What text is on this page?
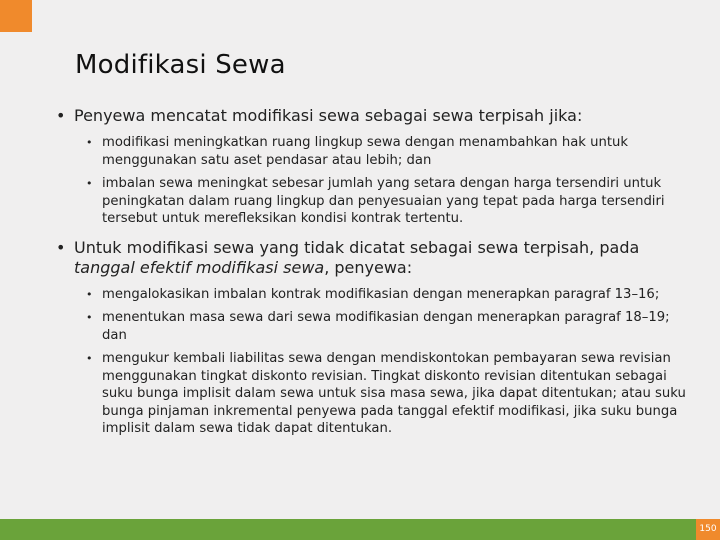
Modifikasi Sewa
• Penyewa mencatat modifikasi sewa sebagai sewa terpisah jika:
• modifikasi meningkatkan ruang lingkup sewa dengan menambahkan hak untuk menggunakan satu aset pendasar atau lebih; dan
• imbalan sewa meningkat sebesar jumlah yang setara dengan harga tersendiri untuk peningkatan dalam ruang lingkup dan penyesuaian yang tepat pada harga tersendiri tersebut untuk merefleksikan kondisi kontrak tertentu.
• Untuk modifikasi sewa yang tidak dicatat sebagai sewa terpisah, pada tanggal efektif modifikasi sewa, penyewa:
• mengalokasikan imbalan kontrak modifikasian dengan menerapkan paragraf 13–16;
• menentukan masa sewa dari sewa modifikasian dengan menerapkan paragraf 18–19; dan
• mengukur kembali liabilitas sewa dengan mendiskontokan pembayaran sewa revisian menggunakan tingkat diskonto revisian. Tingkat diskonto revisian ditentukan sebagai suku bunga implisit dalam sewa untuk sisa masa sewa, jika dapat ditentukan; atau suku bunga pinjaman inkremental penyewa pada tanggal efektif modifikasi, jika suku bunga implisit dalam sewa tidak dapat ditentukan.
150
